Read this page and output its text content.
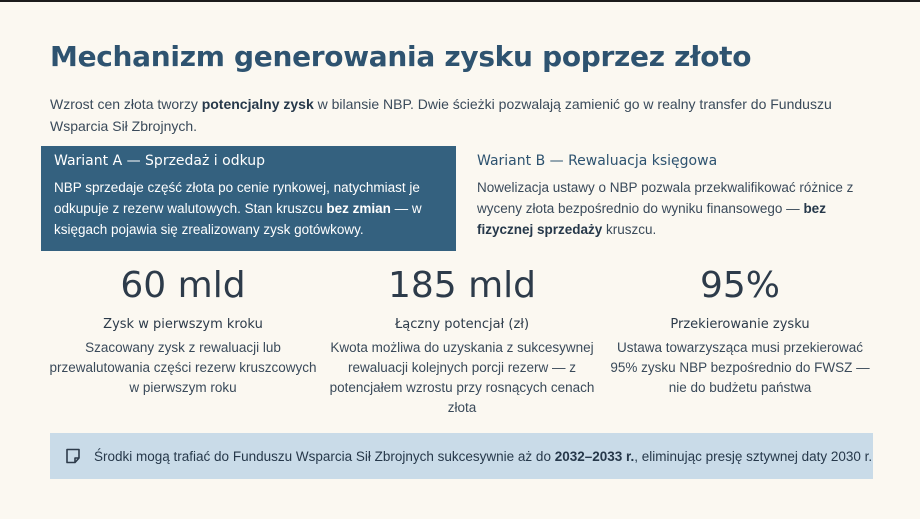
Mechanizm generowania zysku poprzez złoto

Wzrost cen złota tworzy potencjalny zysk w bilansie NBP. Dwie ścieżki pozwalają zamienić go w realny transfer do Funduszu Wsparcia Sił Zbrojnych.

Wariant A — Sprzedaż i odkup
NBP sprzedaje część złota po cenie rynkowej, natychmiast je odkupuje z rezerw walutowych. Stan kruszcu bez zmian — w księgach pojawia się zrealizowany zysk gotówkowy.
Wariant B — Rewaluacja księgowa
Nowelizacja ustawy o NBP pozwala przekwalifikować różnice z wyceny złota bezpośrednio do wyniku finansowego — bez fizycznej sprzedaży kruszcu.
60 mld
Zysk w pierwszym kroku
Szacowany zysk z rewaluacji lub przewalutowania części rezerw kruszcowych w pierwszym roku
185 mld
Łączny potencjał (zł)
Kwota możliwa do uzyskania z sukcesywnej rewaluacji kolejnych porcji rezerw — z potencjałem wzrostu przy rosnących cenach złota
95%
Przekierowanie zysku
Ustawa towarzysząca musi przekierować 95% zysku NBP bezpośrednio do FWSZ — nie do budżetu państwa
Środki mogą trafiać do Funduszu Wsparcia Sił Zbrojnych sukcesywnie aż do 2032–2033 r., eliminując presję sztywnej daty 2030 r.
